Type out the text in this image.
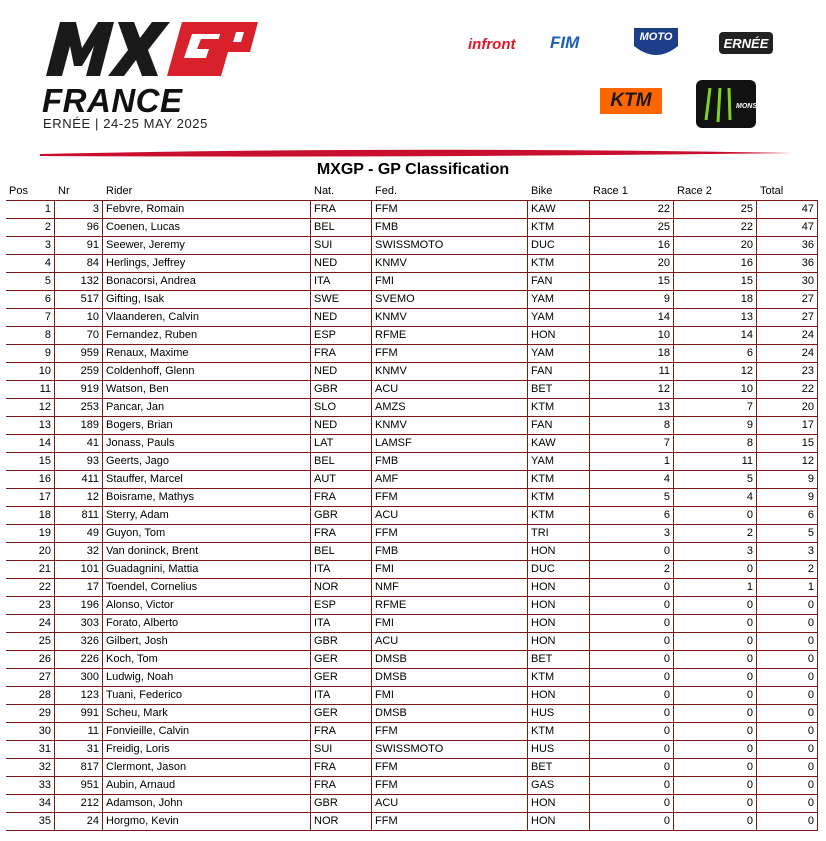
FRANCE
ERNÉE | 24-25 MAY 2025
infront FIM	MOTO	ERNÉE
KTM	MONSTER
MXGP - GP Classification
Pos	Nr	Rider	Nat.	Fed.	Bike	Race 1	Race 2	Total
1	3 Febvre, Romain	FRA	FFM	KAW	22	25	47
2	96 Coenen, Lucas	BEL	FMB	KTM	25	22	47
3	91 Seewer, Jeremy	SUI	SWISSMOTO	DUC	16	20	36
4	84 Herlings, Jeffrey	NED	KNMV	KTM	20	16	36
5	132 Bonacorsi, Andrea	ITA	FMI	FAN	15	15	30
6	517 Gifting, Isak	SWE	SVEMO	YAM	9	18	27
7	10 Vlaanderen, Calvin	NED	KNMV	YAM	14	13	27
8	70 Fernandez, Ruben	ESP	RFME	HON	10	14	24
9	959 Renaux, Maxime	FRA	FFM	YAM	18	6	24
10	259 Coldenhoff, Glenn	NED	KNMV	FAN	11	12	23
11	919 Watson, Ben	GBR	ACU	BET	12	10	22
12	253 Pancar, Jan	SLO	AMZS	KTM	13	7	20
13	189 Bogers, Brian	NED	KNMV	FAN	8	9	17
14	41 Jonass, Pauls	LAT	LAMSF	KAW	7	8	15
15	93 Geerts, Jago	BEL	FMB	YAM	1	11	12
16	411 Stauffer, Marcel	AUT	AMF	KTM	4	5	9
17	12 Boisrame, Mathys	FRA	FFM	KTM	5	4	9
18	811 Sterry, Adam	GBR	ACU	KTM	6	0	6
19	49 Guyon, Tom	FRA	FFM	TRI	3	2	5
20	32 Van doninck, Brent	BEL	FMB	HON	0	3	3
21	101 Guadagnini, Mattia	ITA	FMI	DUC	2	0	2
22	17 Toendel, Cornelius	NOR	NMF	HON	0	1	1
23	196 Alonso, Victor	ESP	RFME	HON	0	0	0
24	303 Forato, Alberto	ITA	FMI	HON	0	0	0
25	326 Gilbert, Josh	GBR	ACU	HON	0	0	0
26	226 Koch, Tom	GER	DMSB	BET	0	0	0
27	300 Ludwig, Noah	GER	DMSB	KTM	0	0	0
28	123 Tuani, Federico	ITA	FMI	HON	0	0	0
29	991 Scheu, Mark	GER	DMSB	HUS	0	0	0
30	11 Fonvieille, Calvin	FRA	FFM	KTM	0	0	0
31	31 Freidig, Loris	SUI	SWISSMOTO	HUS	0	0	0
32	817 Clermont, Jason	FRA	FFM	BET	0	0	0
33	951 Aubin, Arnaud	FRA	FFM	GAS	0	0	0
34	212 Adamson, John	GBR	ACU	HON	0	0	0
35	24 Horgmo, Kevin	NOR	FFM	HON	0	0	0
